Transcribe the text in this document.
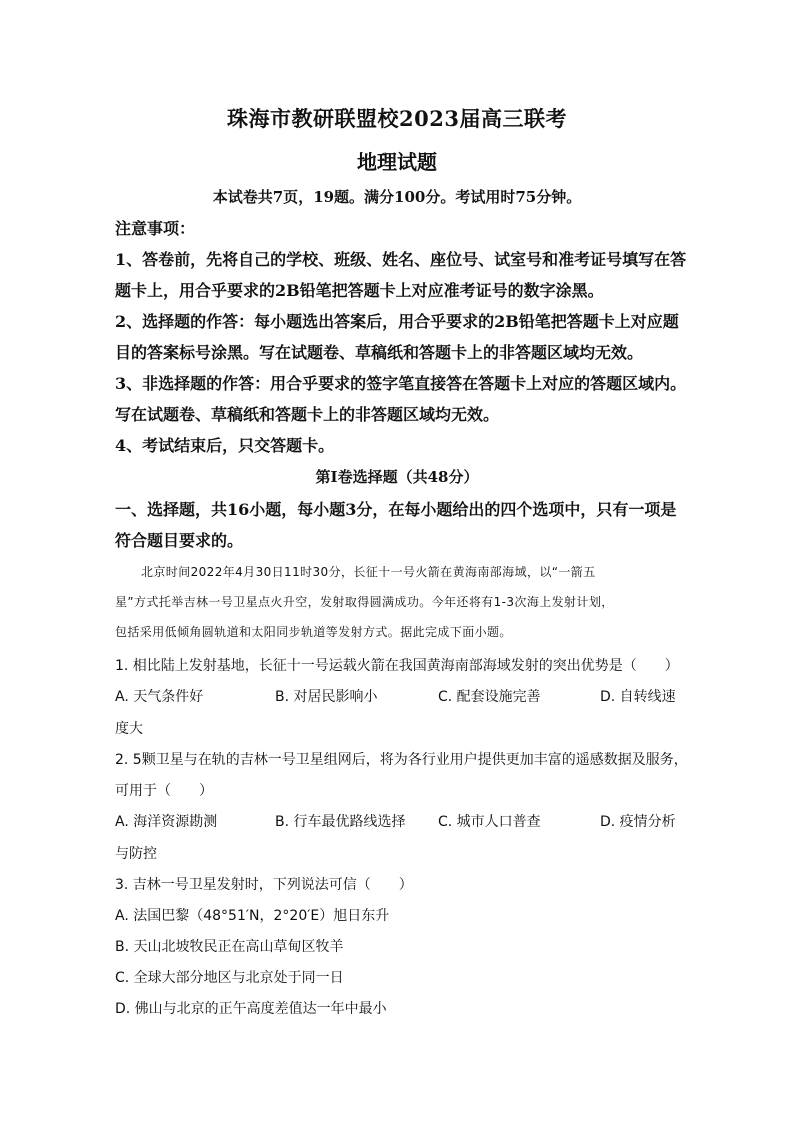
珠海市教研联盟校2023届高三联考
地理试题
本试卷共7页，19题。满分100分。考试用时75分钟。
注意事项：
1、答卷前，先将自己的学校、班级、姓名、座位号、试室号和准考证号填写在答
题卡上，用合乎要求的2B铅笔把答题卡上对应准考证号的数字涂黑。
2、选择题的作答：每小题选出答案后，用合乎要求的2B铅笔把答题卡上对应题
目的答案标号涂黑。写在试题卷、草稿纸和答题卡上的非答题区域均无效。
3、非选择题的作答：用合乎要求的签字笔直接答在答题卡上对应的答题区域内。
写在试题卷、草稿纸和答题卡上的非答题区域均无效。
4、考试结束后，只交答题卡。
第Ⅰ卷选择题（共48分）
一、选择题，共16小题，每小题3分，在每小题给出的四个选项中，只有一项是
符合题目要求的。
北京时间2022年4月30日11时30分，长征十一号火箭在黄海南部海域，以“一箭五
星”方式托举吉林一号卫星点火升空，发射取得圆满成功。今年还将有1-3次海上发射计划，
包括采用低倾角圆轨道和太阳同步轨道等发射方式。据此完成下面小题。
1. 相比陆上发射基地，长征十一号运载火箭在我国黄海南部海域发射的突出优势是（　　）
A. 天气条件好	B. 对居民影响小	C. 配套设施完善	D. 自转线速
度大
2. 5颗卫星与在轨的吉林一号卫星组网后，将为各行业用户提供更加丰富的遥感数据及服务，
可用于（　　）
A. 海洋资源勘测	B. 行车最优路线选择 C. 城市人口普查	D. 疫情分析
与防控
3. 吉林一号卫星发射时，下列说法可信（　　）
A. 法国巴黎（48°51′N，2°20′E）旭日东升
B. 天山北坡牧民正在高山草甸区牧羊
C. 全球大部分地区与北京处于同一日
D. 佛山与北京的正午高度差值达一年中最小
